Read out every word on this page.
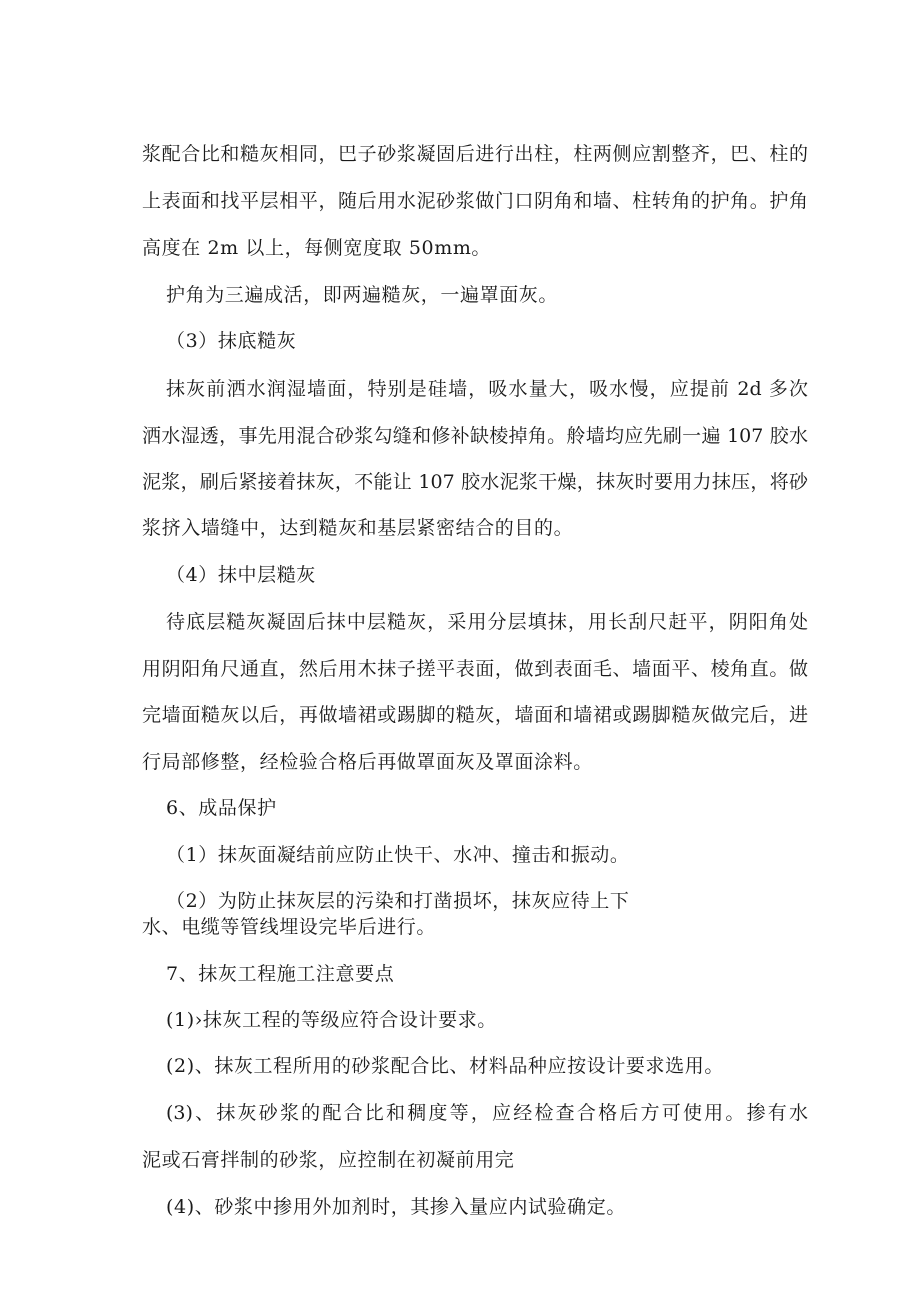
浆配合比和糙灰相同，巴子砂浆凝固后进行出柱，柱两侧应割整齐，巴、柱的
上表面和找平层相平，随后用水泥砂浆做门口阴角和墙、柱转角的护角。护角
高度在 2m 以上，每侧宽度取 50mm。
护角为三遍成活，即两遍糙灰，一遍罩面灰。
（3）抹底糙灰
抹灰前洒水润湿墙面，特别是硅墙，吸水量大，吸水慢，应提前 2d 多次
洒水湿透，事先用混合砂浆勾缝和修补缺棱掉角。舲墙均应先刷一遍 107 胶水
泥浆，刷后紧接着抹灰，不能让 107 胶水泥浆干燥，抹灰时要用力抹压，将砂
浆挤入墙缝中，达到糙灰和基层紧密结合的目的。
（4）抹中层糙灰
待底层糙灰凝固后抹中层糙灰，采用分层填抹，用长刮尺赶平，阴阳角处
用阴阳角尺通直，然后用木抹子搓平表面，做到表面毛、墙面平、棱角直。做
完墙面糙灰以后，再做墙裙或踢脚的糙灰，墙面和墙裙或踢脚糙灰做完后，进
行局部修整，经检验合格后再做罩面灰及罩面涂料。
6、成品保护
（1）抹灰面凝结前应防止快干、水冲、撞击和振动。
（2）为防止抹灰层的污染和打凿损坏，抹灰应待上下
水、电缆等管线埋设完毕后进行。
7、抹灰工程施工注意要点
(1)›抹灰工程的等级应符合设计要求。
(2)、抹灰工程所用的砂浆配合比、材料品种应按设计要求选用。
(3)、抹灰砂浆的配合比和稠度等，应经检查合格后方可使用。掺有水
泥或石膏拌制的砂浆，应控制在初凝前用完
(4)、砂浆中掺用外加剂时，其掺入量应内试验确定。
